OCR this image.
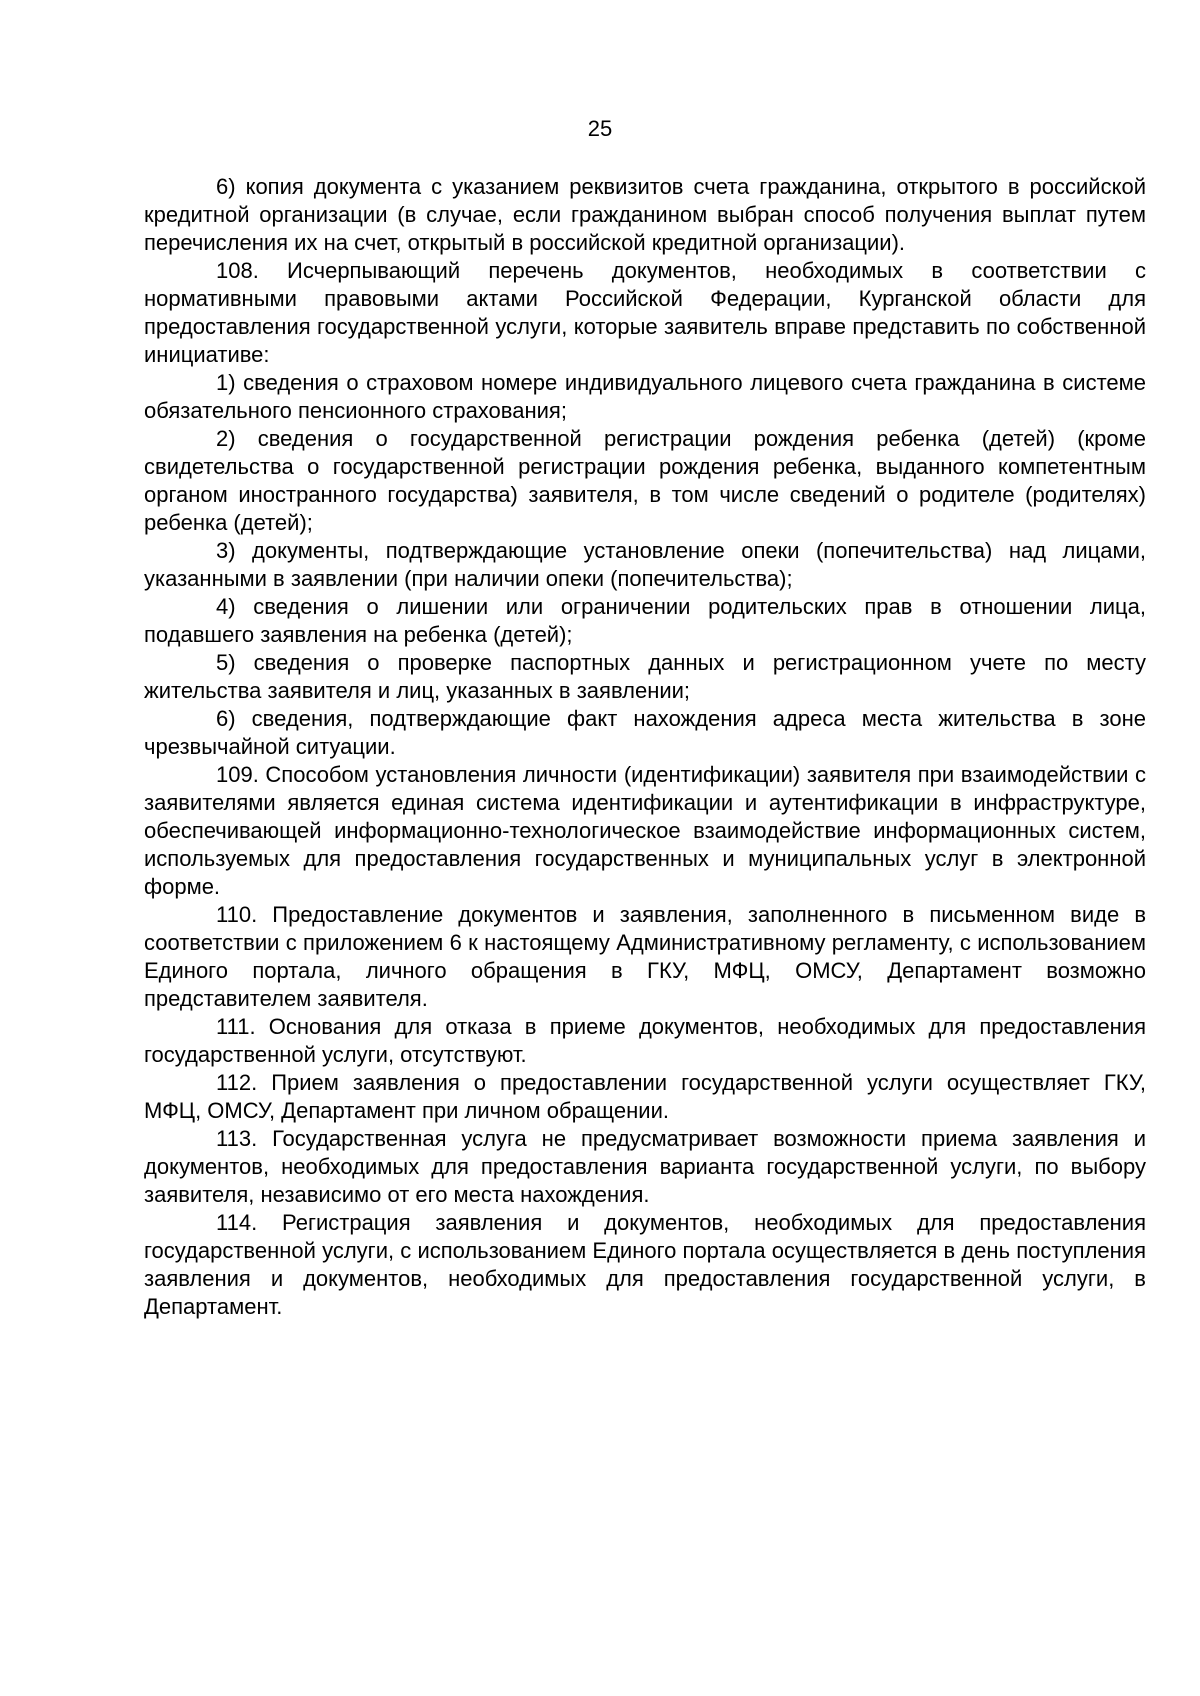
25

6) копия документа с указанием реквизитов счета гражданина, открытого в российской кредитной организации (в случае, если гражданином выбран способ получения выплат путем перечисления их на счет, открытый в российской кредитной организации).

108. Исчерпывающий перечень документов, необходимых в соответствии с нормативными правовыми актами Российской Федерации, Курганской области для предоставления государственной услуги, которые заявитель вправе представить по собственной инициативе:

1) сведения о страховом номере индивидуального лицевого счета гражданина в системе обязательного пенсионного страхования;

2) сведения о государственной регистрации рождения ребенка (детей) (кроме свидетельства о государственной регистрации рождения ребенка, выданного компетентным органом иностранного государства) заявителя, в том числе сведений о родителе (родителях) ребенка (детей);

3) документы, подтверждающие установление опеки (попечительства) над лицами, указанными в заявлении (при наличии опеки (попечительства);

4) сведения о лишении или ограничении родительских прав в отношении лица, подавшего заявления на ребенка (детей);

5) сведения о проверке паспортных данных и регистрационном учете по месту жительства заявителя и лиц, указанных в заявлении;

6) сведения, подтверждающие факт нахождения адреса места жительства в зоне чрезвычайной ситуации.

109. Способом установления личности (идентификации) заявителя при взаимодействии с заявителями является единая система идентификации и аутентификации в инфраструктуре, обеспечивающей информационно-технологическое взаимодействие информационных систем, используемых для предоставления государственных и муниципальных услуг в электронной форме.

110. Предоставление документов и заявления, заполненного в письменном виде в соответствии с приложением 6 к настоящему Административному регламенту, с использованием Единого портала, личного обращения в ГКУ, МФЦ, ОМСУ, Департамент возможно представителем заявителя.

111. Основания для отказа в приеме документов, необходимых для предоставления государственной услуги, отсутствуют.

112. Прием заявления о предоставлении государственной услуги осуществляет ГКУ, МФЦ, ОМСУ, Департамент при личном обращении.

113. Государственная услуга не предусматривает возможности приема заявления и документов, необходимых для предоставления варианта государственной услуги, по выбору заявителя, независимо от его места нахождения.

114. Регистрация заявления и документов, необходимых для предоставления государственной услуги, с использованием Единого портала осуществляется в день поступления заявления и документов, необходимых для предоставления государственной услуги, в Департамент.
